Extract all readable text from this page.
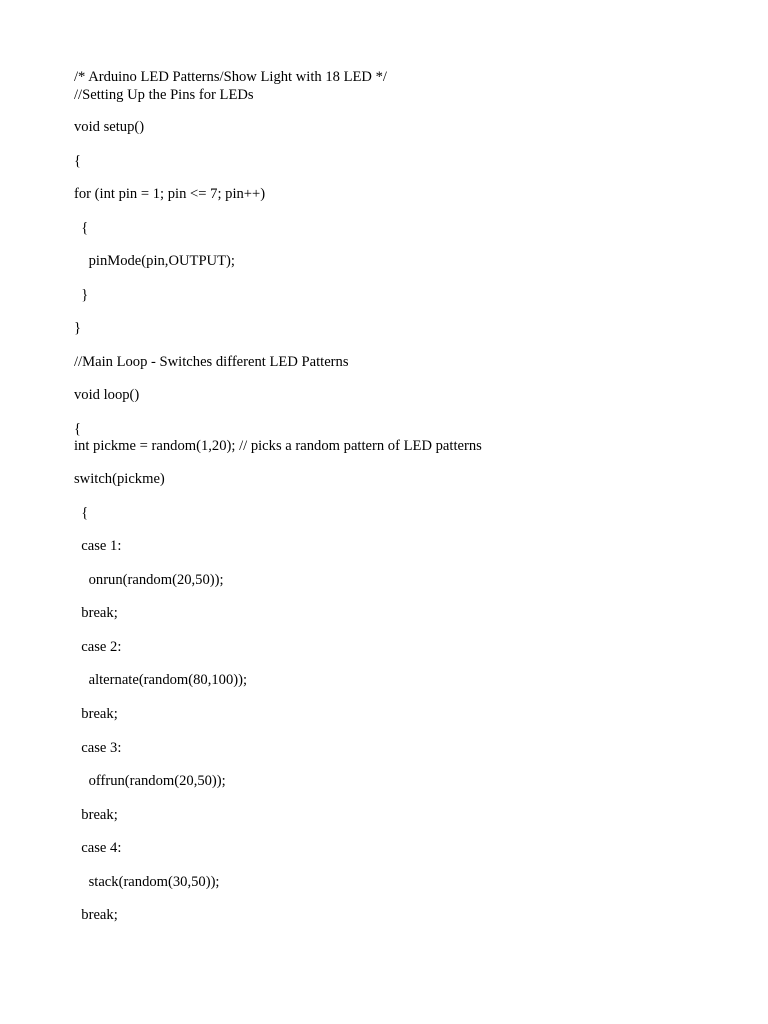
/* Arduino LED Patterns/Show Light with 18 LED */
//Setting Up the Pins for LEDs
void setup()
{
for (int pin = 1; pin <= 7; pin++)
{
pinMode(pin,OUTPUT);
}
}
//Main Loop - Switches different LED Patterns
void loop()
{
int pickme = random(1,20); // picks a random pattern of LED patterns
switch(pickme)
{
case 1:
onrun(random(20,50));
break;
case 2:
alternate(random(80,100));
break;
case 3:
offrun(random(20,50));
break;
case 4:
stack(random(30,50));
break;
